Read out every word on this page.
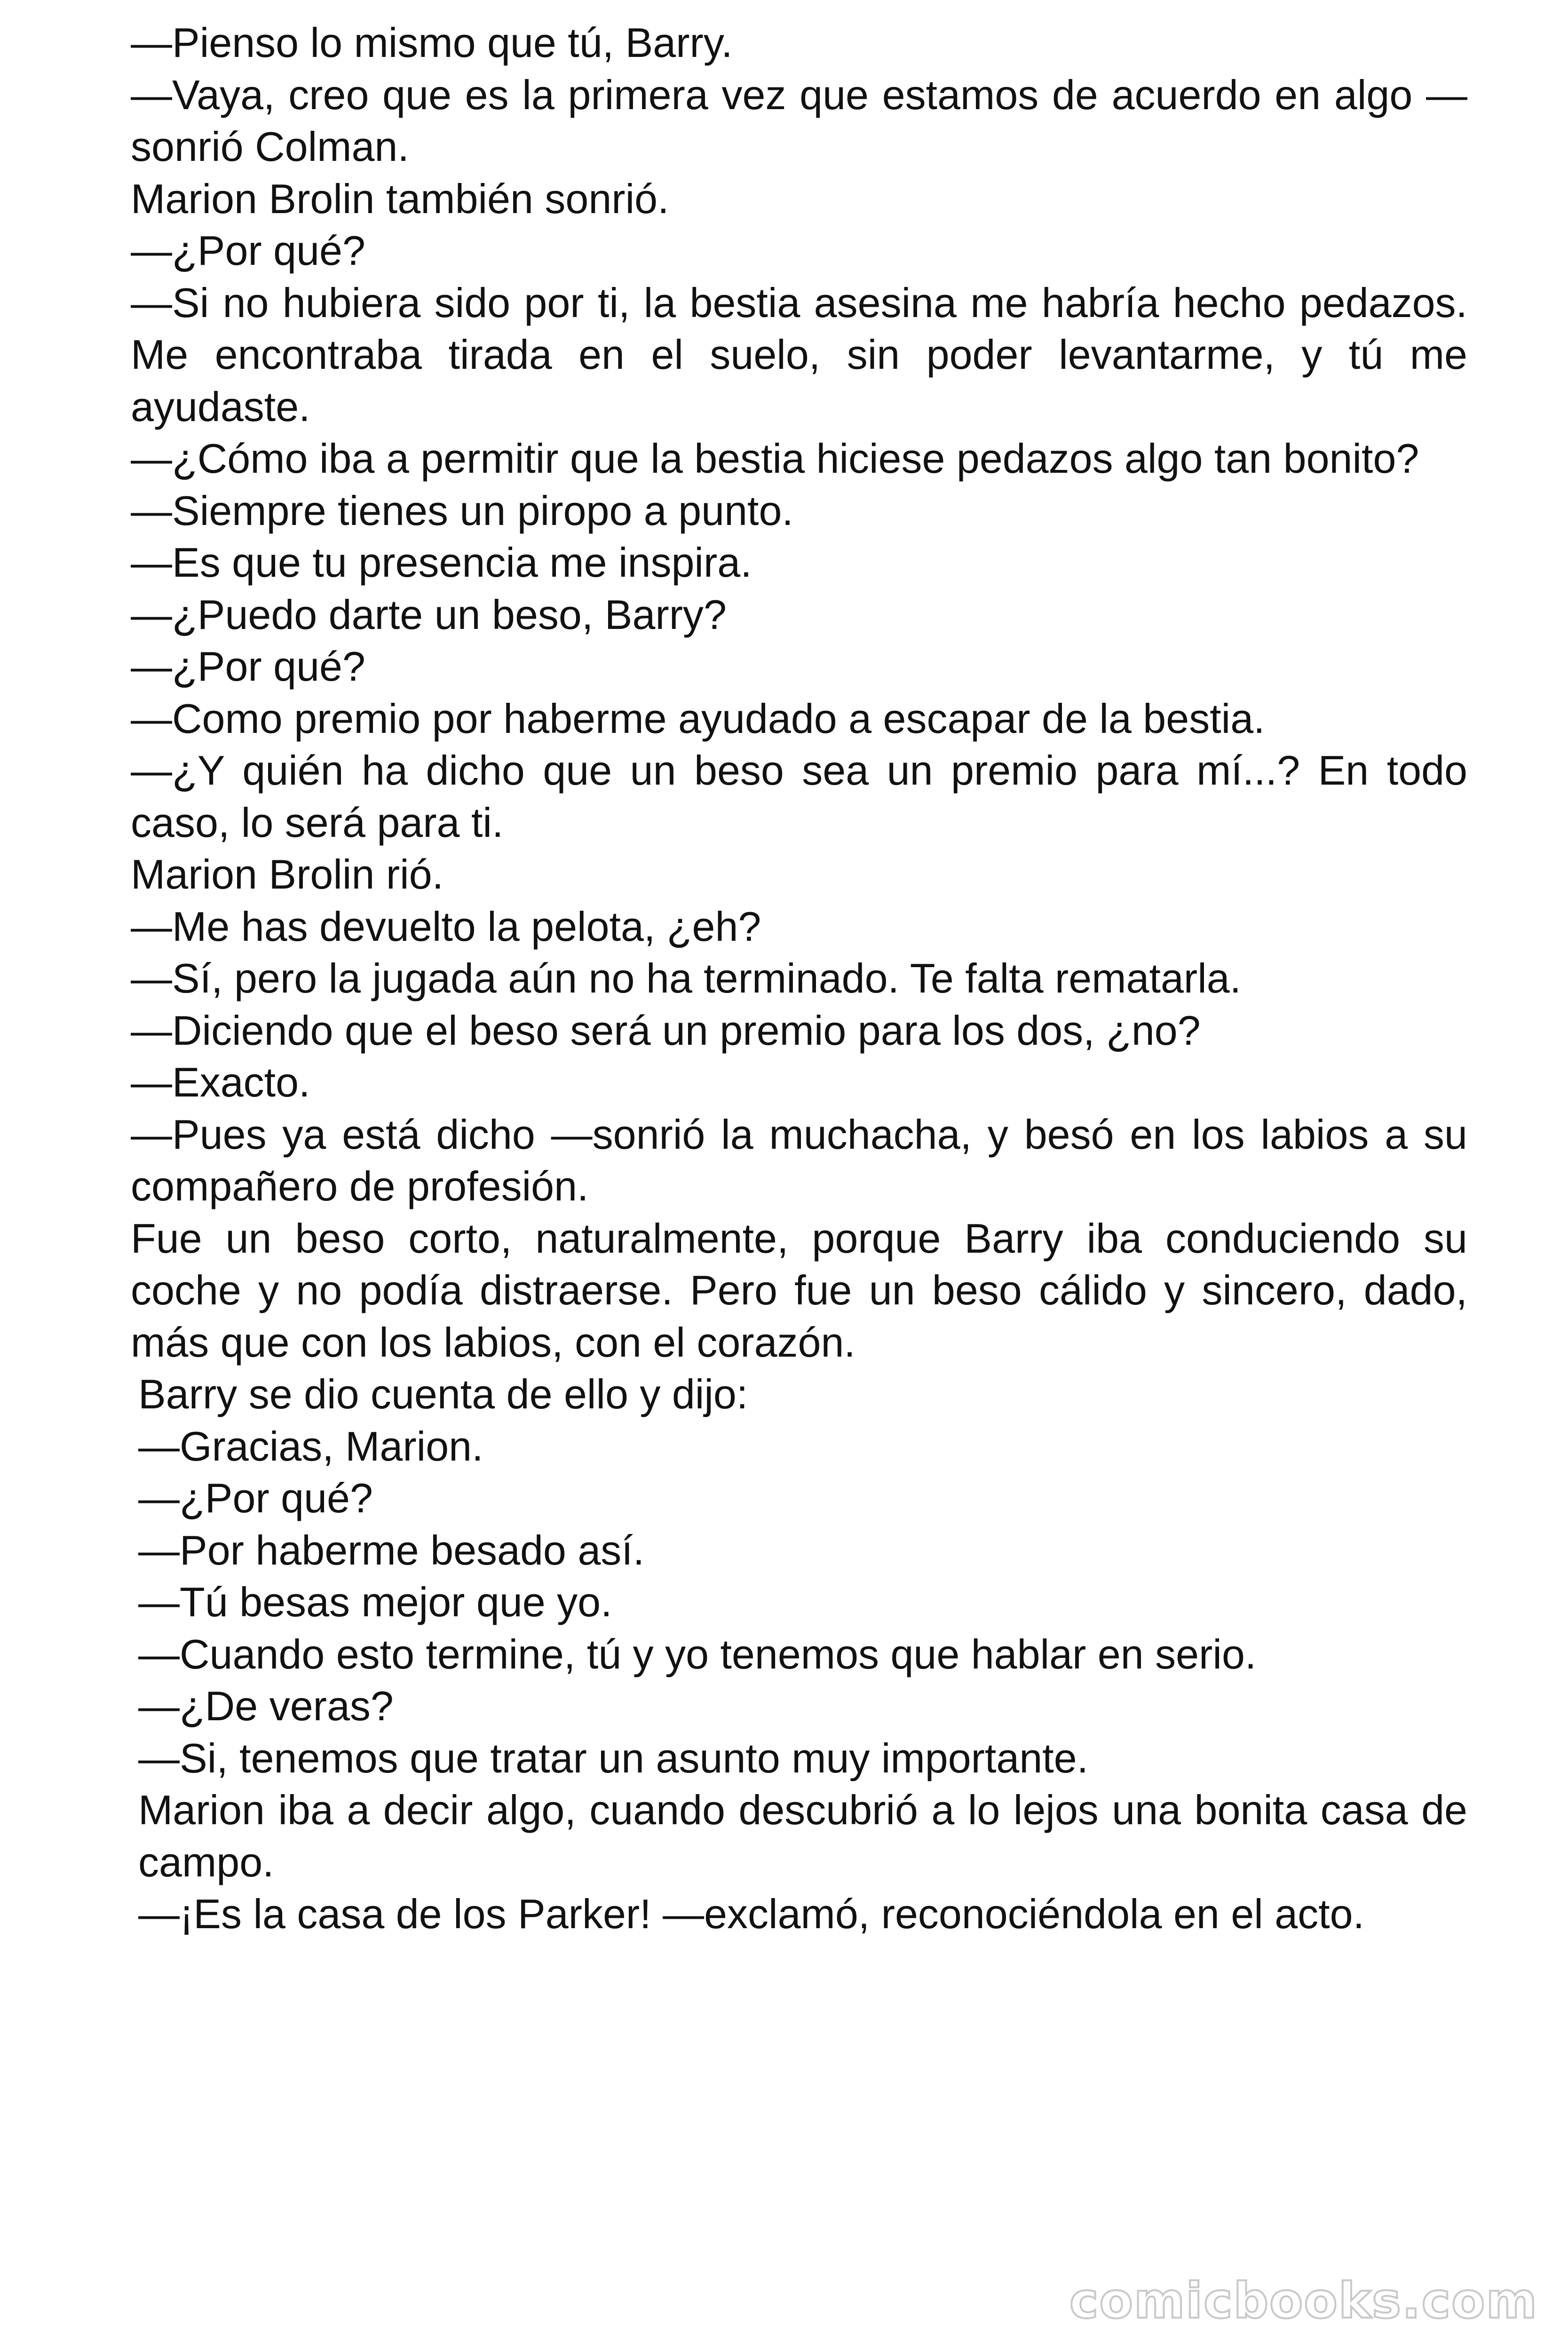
—Pienso lo mismo que tú, Barry.

—Vaya, creo que es la primera vez que estamos de acuerdo en algo —sonrió Colman.

Marion Brolin también sonrió.

—¿Por qué?

—Si no hubiera sido por ti, la bestia asesina me habría hecho pedazos. Me encontraba tirada en el suelo, sin poder levantarme, y tú me ayudaste.

—¿Cómo iba a permitir que la bestia hiciese pedazos algo tan bonito?

—Siempre tienes un piropo a punto.

—Es que tu presencia me inspira.

—¿Puedo darte un beso, Barry?

—¿Por qué?

—Como premio por haberme ayudado a escapar de la bestia.

—¿Y quién ha dicho que un beso sea un premio para mí...? En todo caso, lo será para ti.

Marion Brolin rió.

—Me has devuelto la pelota, ¿eh?

—Sí, pero la jugada aún no ha terminado. Te falta rematarla.

—Diciendo que el beso será un premio para los dos, ¿no?

—Exacto.

—Pues ya está dicho —sonrió la muchacha, y besó en los labios a su compañero de profesión.

Fue un beso corto, naturalmente, porque Barry iba conduciendo su coche y no podía distraerse. Pero fue un beso cálido y sincero, dado, más que con los labios, con el corazón.

Barry se dio cuenta de ello y dijo:

—Gracias, Marion.

—¿Por qué?

—Por haberme besado así.

—Tú besas mejor que yo.

—Cuando esto termine, tú y yo tenemos que hablar en serio.

—¿De veras?

—Si, tenemos que tratar un asunto muy importante.

Marion iba a decir algo, cuando descubrió a lo lejos una bonita casa de campo.

—¡Es la casa de los Parker! —exclamó, reconociéndola en el acto.

comicbooks.com
